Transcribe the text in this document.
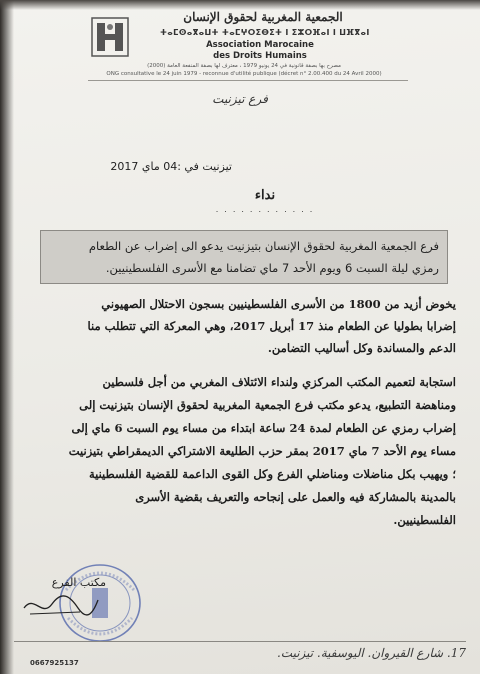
الجمعية المغربية لحقوق الإنسان
ⵜⴰⵎⵙⴰⴳⴰⵡⵜ ⵜⴰⵎⵖⵔⵉⴱⵉⵜ ⵏ ⵉⵣⵔⴼⴰⵏ ⵏ ⵡⴼⴳⴰⵏ
Association Marocaine
des Droits Humains
مصرح بها بصفة قانونية في 24 يونيو 1979 ، معترف لها بصفة المنفعة العامة (2000)
ONG consultative le 24 juin 1979 - reconnue d'utilité publique (décret n° 2.00.400 du 24 Avril 2000)
فرع تيزنيت
تيزنيت في :04 ماي 2017
نداء
............
فرع الجمعية المغربية لحقوق الإنسان بتيزنيت يدعو الى إضراب عن الطعام
رمزي ليلة السبت 6 ويوم الأحد 7 ماي تضامنا مع الأسرى الفلسطينيين.
يخوض أزيد من 1800 من الأسرى الفلسطينيين بسجون الاحتلال الصهيوني
إضرابا بطوليا عن الطعام منذ 17 أبريل 2017، وهي المعركة التي تتطلب منا
الدعم والمساندة وكل أساليب التضامن.
استجابة لتعميم المكتب المركزي ولنداء الائتلاف المغربي من أجل فلسطين
ومناهضة التطبيع، يدعو مكتب فرع الجمعية المغربية لحقوق الإنسان بتيزنيت إلى
إضراب رمزي عن الطعام لمدة 24 ساعة ابتداء من مساء يوم السبت 6 ماي إلى
مساء يوم الأحد 7 ماي 2017 بمقر حزب الطليعة الاشتراكي الديمقراطي بتيزنيت
؛ ويهيب بكل مناضلات ومناضلي الفرع وكل القوى الداعمة للقضية الفلسطينية
بالمدينة بالمشاركة فيه والعمل على إنجاحه والتعريف بقضية الأسرى
الفلسطينيين.
مكتب الفرع
17. شارع القيروان. اليوسفية. تيزنيت.
0667925137
